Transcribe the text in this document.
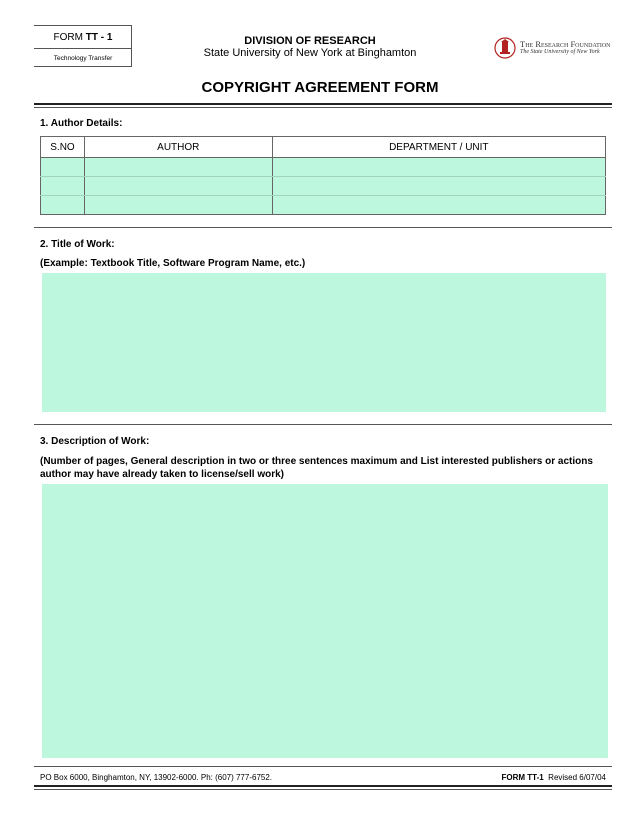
FORM TT - 1
Technology Transfer
DIVISION OF RESEARCH
State University of New York at Binghamton
The Research Foundation
The State University of New York
COPYRIGHT AGREEMENT FORM
1. Author Details:
S.NO	AUTHOR	DEPARTMENT / UNIT

2. Title of Work:
(Example: Textbook Title, Software Program Name, etc.)
3. Description of Work:
(Number of pages, General description in two or three sentences maximum and List interested publishers or actions author may have already taken to license/sell work)
PO Box 6000, Binghamton, NY, 13902-6000. Ph: (607) 777-6752.	FORM TT-1 Revised 6/07/04
